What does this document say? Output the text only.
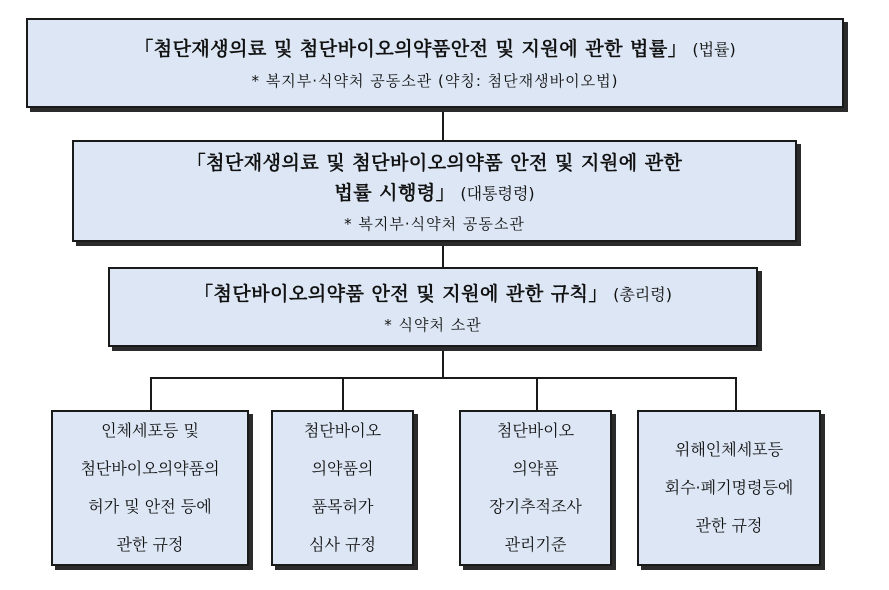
「첨단재생의료 및 첨단바이오의약품안전 및 지원에 관한 법률」 (법률)
* 복지부·식약처 공동소관 (약칭: 첨단재생바이오법)
「첨단재생의료 및 첨단바이오의약품 안전 및 지원에 관한
법률 시행령」 (대통령령)
* 복지부·식약처 공동소관
「첨단바이오의약품 안전 및 지원에 관한 규칙」 (총리령)
* 식약처 소관
인체세포등 및
첨단바이오의약품의
허가 및 안전 등에
관한 규정
첨단바이오
의약품의
품목허가
심사 규정
첨단바이오
의약품
장기추적조사
관리기준
위해인체세포등
회수·폐기명령등에
관한 규정
